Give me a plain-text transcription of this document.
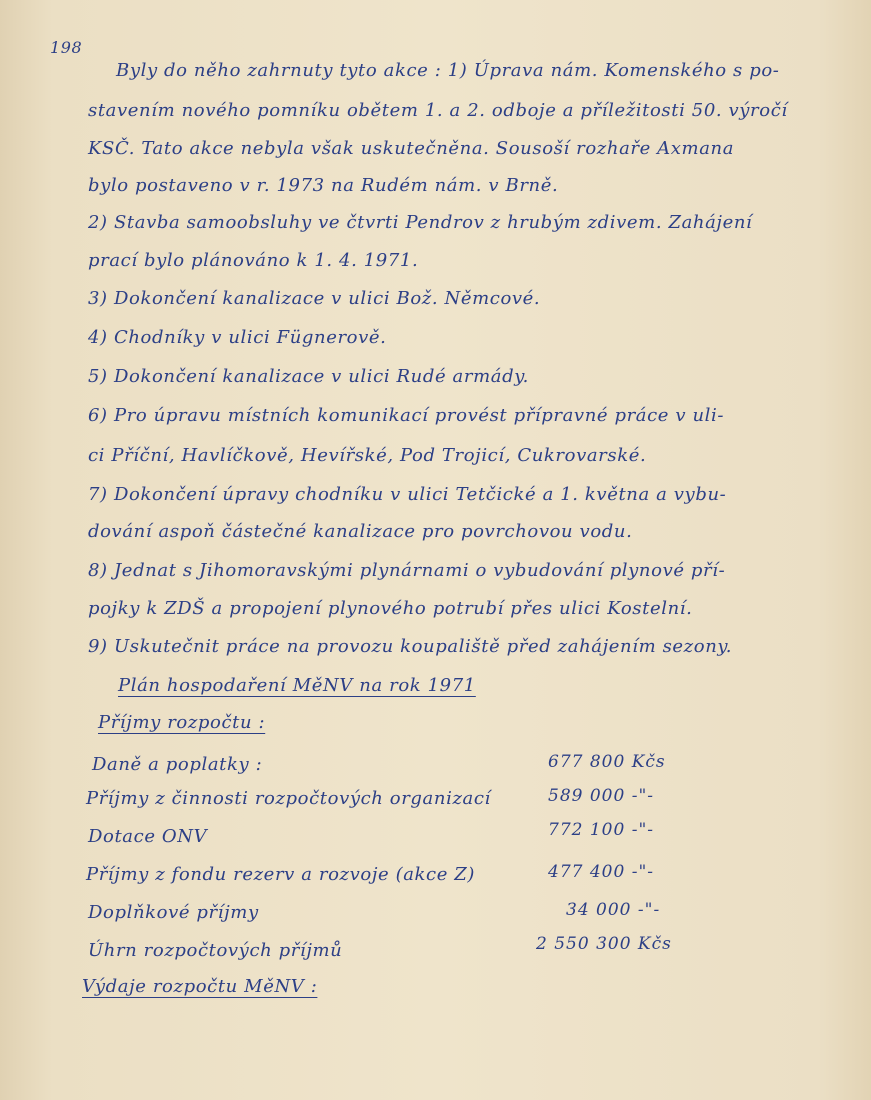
198
Byly do něho zahrnuty tyto akce : 1) Úprava nám. Komenského s po-
stavením nového pomníku obětem 1. a 2. odboje a příležitosti 50. výročí
KSČ. Tato akce nebyla však uskutečněna. Sousoší rozhaře Axmana
bylo postaveno v r. 1973 na Rudém nám. v Brně.
2) Stavba samoobsluhy ve čtvrti Pendrov z hrubým zdivem. Zahájení
prací bylo plánováno k 1. 4. 1971.
3) Dokončení kanalizace v ulici Bož. Němcové.
4) Chodníky v ulici Fügnerově.
5) Dokončení kanalizace v ulici Rudé armády.
6) Pro úpravu místních komunikací provést přípravné práce v uli-
ci Příční, Havlíčkově, Hevířské, Pod Trojicí, Cukrovarské.
7) Dokončení úpravy chodníku v ulici Tetčické a 1. května a vybu-
dování aspoň částečné kanalizace pro povrchovou vodu.
8) Jednat s Jihomoravskými plynárnami o vybudování plynové pří-
pojky k ZDŠ a propojení plynového potrubí přes ulici Kostelní.
9) Uskutečnit práce na provozu koupaliště před zahájením sezony.
Plán hospodaření MěNV na rok 1971
Příjmy rozpočtu :
Daně a poplatky :	677 800 Kčs
Příjmy z činnosti rozpočtových organizací	589 000 -"-
Dotace ONV	772 100 -"-
Příjmy z fondu rezerv a rozvoje (akce Z)	477 400 -"-
Doplňkové příjmy	34 000 -"-
Úhrn rozpočtových příjmů	2 550 300 Kčs
Výdaje rozpočtu MěNV :
